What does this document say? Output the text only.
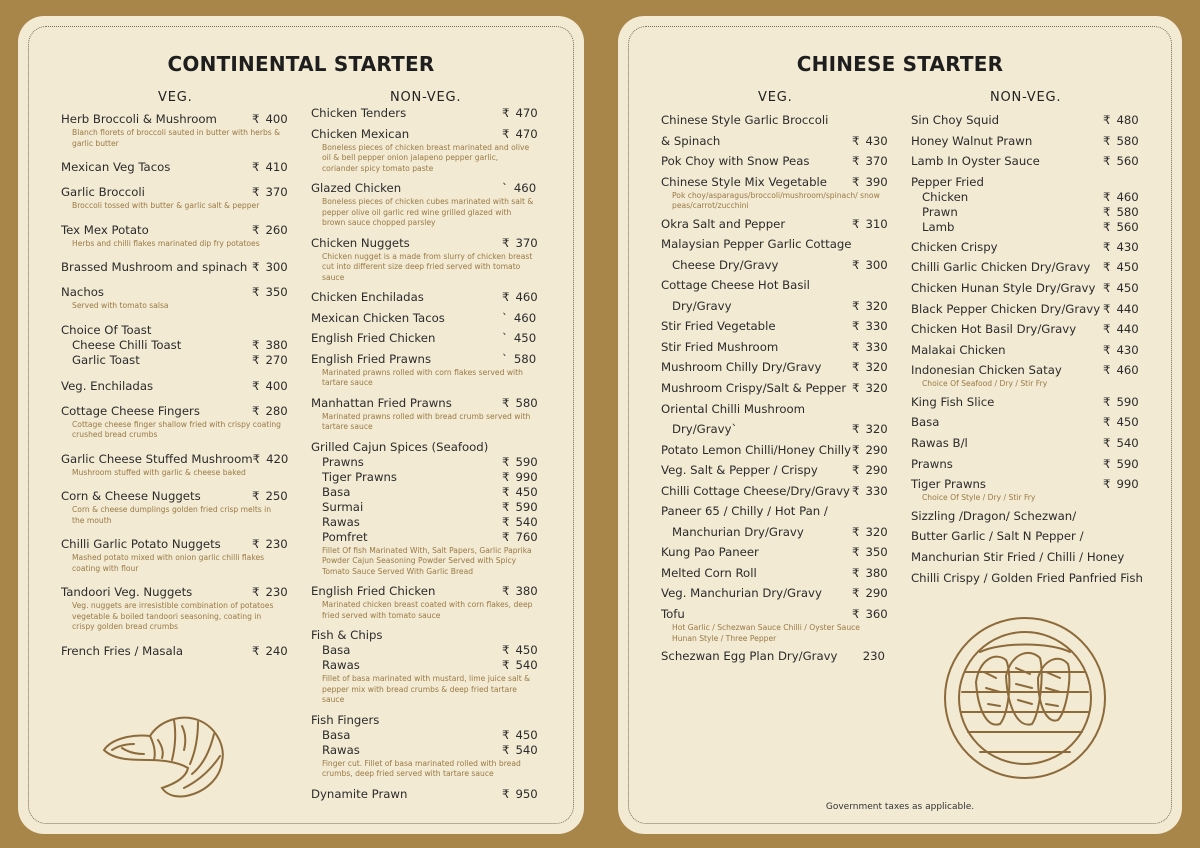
CONTINENTAL STARTER
VEG.	NON-VEG.
Herb Broccoli & Mushroom	₹ 400
Blanch florets of broccoli sauted in butter with herbs & garlic butter
Mexican Veg Tacos	₹ 410
Garlic Broccoli	₹ 370
Broccoli tossed with butter & garlic salt & pepper
Tex Mex Potato	₹ 260
Herbs and chilli flakes marinated dip fry potatoes
Brassed Mushroom and spinach ₹ 300
Nachos	₹ 350
Served with tomato salsa
Choice Of Toast
Cheese Chilli Toast	₹ 380
Garlic Toast	₹ 270
Veg. Enchiladas	₹ 400
Cottage Cheese Fingers	₹ 280
Cottage cheese finger shallow fried with crispy coating crushed bread crumbs
Garlic Cheese Stuffed Mushroom ₹ 420
Mushroom stuffed with garlic & cheese baked
Corn & Cheese Nuggets	₹ 250
Corn & cheese dumplings golden fried crisp melts in the mouth
Chilli Garlic Potato Nuggets	₹ 230
Mashed potato mixed with onion garlic chilli flakes coating with flour
Tandoori Veg. Nuggets	₹ 230
Veg. nuggets are irresistible combination of potatoes vegetable & boiled tandoori seasoning, coating in crispy golden bread crumbs
French Fries / Masala	₹ 240
Chicken Tenders	₹ 470
Chicken Mexican	₹ 470
Boneless pieces of chicken breast marinated and olive oil & bell pepper onion jalapeno pepper garlic, coriander spicy tomato paste
Glazed Chicken	` 460
Boneless pieces of chicken cubes marinated with salt & pepper olive oil garlic red wine grilled glazed with brown sauce chopped parsley
Chicken Nuggets	₹ 370
Chicken nugget is a made from slurry of chicken breast cut into different size deep fried served with tomato sauce
Chicken Enchiladas	₹ 460
Mexican Chicken Tacos	` 460
English Fried Chicken	` 450
English Fried Prawns	` 580
Marinated prawns rolled with corn flakes served with tartare sauce
Manhattan Fried Prawns	₹ 580
Marinated prawns rolled with bread crumb served with tartare sauce
Grilled Cajun Spices (Seafood)
Prawns	₹ 590
Tiger Prawns	₹ 990
Basa	₹ 450
Surmai	₹ 590
Rawas	₹ 540
Pomfret	₹ 760
Fillet Of fish Marinated With, Salt Papers, Garlic Paprika Powder Cajun Seasoning Powder Served with Spicy Tomato Sauce Served With Garlic Bread
English Fried Chicken	₹ 380
Marinated chicken breast coated with corn flakes, deep fried served with tomato sauce
Fish & Chips
Basa	₹ 450
Rawas	₹ 540
Fillet of basa marinated with mustard, lime juice salt & pepper mix with bread crumbs & deep fried tartare sauce
Fish Fingers
Basa	₹ 450
Rawas	₹ 540
Finger cut. Fillet of basa marinated rolled with bread crumbs, deep fried served with tartare sauce
Dynamite Prawn	₹ 950
CHINESE STARTER
VEG.	NON-VEG.
Chinese Style Garlic Broccoli
& Spinach	₹ 430
Pok Choy with Snow Peas	₹ 370
Chinese Style Mix Vegetable ₹ 390
Pok choy/asparagus/broccoli/mushroom/spinach/ snow peas/carrot/zucchini
Okra Salt and Pepper	₹ 310
Malaysian Pepper Garlic Cottage
Cheese Dry/Gravy	₹ 300
Cottage Cheese Hot Basil
Dry/Gravy	₹ 320
Stir Fried Vegetable	₹ 330
Stir Fried Mushroom	₹ 330
Mushroom Chilly Dry/Gravy	₹ 320
Mushroom Crispy/Salt & Pepper ₹ 320
Oriental Chilli Mushroom
Dry/Gravy`	₹ 320
Potato Lemon Chilli/Honey Chilly ₹ 290
Veg. Salt & Pepper / Crispy	₹ 290
Chilli Cottage Cheese/Dry/Gravy ₹ 330
Paneer 65 / Chilly / Hot Pan /
Manchurian Dry/Gravy	₹ 320
Kung Pao Paneer	₹ 350
Melted Corn Roll	₹ 380
Veg. Manchurian Dry/Gravy	₹ 290
Tofu	₹ 360
Hot Garlic / Schezwan Sauce Chilli / Oyster Sauce Hunan Style / Three Pepper
Schezwan Egg Plan Dry/Gravy 230
Sin Choy Squid	₹ 480
Honey Walnut Prawn	₹ 580
Lamb In Oyster Sauce	₹ 560
Pepper Fried
Chicken	₹ 460
Prawn	₹ 580
Lamb	₹ 560
Chicken Crispy	₹ 430
Chilli Garlic Chicken Dry/Gravy ₹ 450
Chicken Hunan Style Dry/Gravy ₹ 450
Black Pepper Chicken Dry/Gravy ₹ 440
Chicken Hot Basil Dry/Gravy ₹ 440
Malakai Chicken	₹ 430
Indonesian Chicken Satay	₹ 460
Choice Of Seafood / Dry / Stir Fry
King Fish Slice	₹ 590
Basa	₹ 450
Rawas B/l	₹ 540
Prawns	₹ 590
Tiger Prawns	₹ 990
Choice Of Style / Dry / Stir Fry
Sizzling /Dragon/ Schezwan/
Butter Garlic / Salt N Pepper /
Manchurian Stir Fried / Chilli / Honey
Chilli Crispy / Golden Fried Panfried Fish
Government taxes as applicable.
